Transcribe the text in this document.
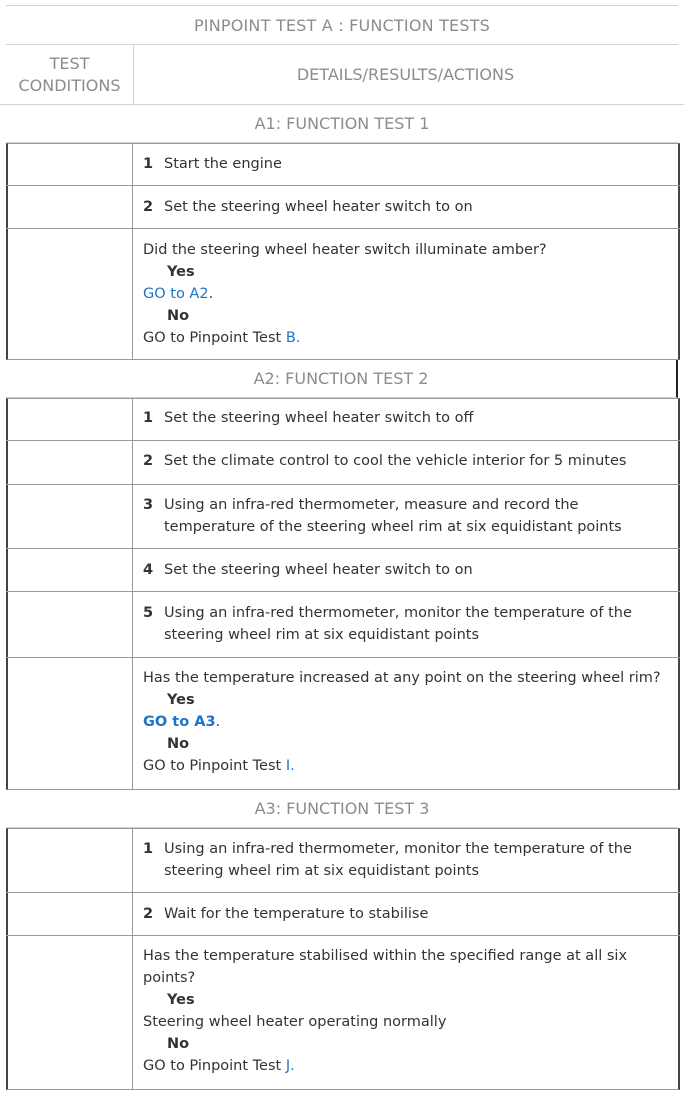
PINPOINT TEST A : FUNCTION TESTS
TEST
CONDITIONS
DETAILS/RESULTS/ACTIONS
A1: FUNCTION TEST 1
1 Start the engine
2 Set the steering wheel heater switch to on
Did the steering wheel heater switch illuminate amber?
Yes
GO to A2.
No
GO to Pinpoint Test B.
A2: FUNCTION TEST 2
1 Set the steering wheel heater switch to off
2 Set the climate control to cool the vehicle interior for 5 minutes
3 Using an infra-red thermometer, measure and record the temperature of the steering wheel rim at six equidistant points
4 Set the steering wheel heater switch to on
5 Using an infra-red thermometer, monitor the temperature of the steering wheel rim at six equidistant points
Has the temperature increased at any point on the steering wheel rim?
Yes
GO to A3.
No
GO to Pinpoint Test I.
A3: FUNCTION TEST 3
1 Using an infra-red thermometer, monitor the temperature of the steering wheel rim at six equidistant points
2 Wait for the temperature to stabilise
Has the temperature stabilised within the specified range at all six points?
Yes
Steering wheel heater operating normally
No
GO to Pinpoint Test J.
